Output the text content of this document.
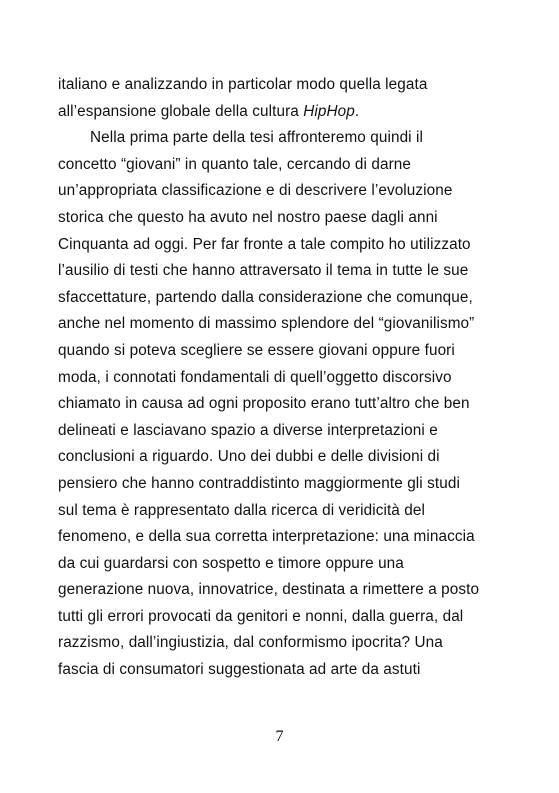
italiano e analizzando in particolar modo quella legata
all’espansione globale della cultura HipHop.
Nella prima parte della tesi affronteremo quindi il
concetto “giovani” in quanto tale, cercando di darne
un’appropriata classificazione e di descrivere l’evoluzione
storica che questo ha avuto nel nostro paese dagli anni
Cinquanta ad oggi. Per far fronte a tale compito ho utilizzato
l’ausilio di testi che hanno attraversato il tema in tutte le sue
sfaccettature, partendo dalla considerazione che comunque,
anche nel momento di massimo splendore del “giovanilismo”
quando si poteva scegliere se essere giovani oppure fuori
moda, i connotati fondamentali di quell’oggetto discorsivo
chiamato in causa ad ogni proposito erano tutt’altro che ben
delineati e lasciavano spazio a diverse interpretazioni e
conclusioni a riguardo. Uno dei dubbi e delle divisioni di
pensiero che hanno contraddistinto maggiormente gli studi
sul tema è rappresentato dalla ricerca di veridicità del
fenomeno, e della sua corretta interpretazione: una minaccia
da cui guardarsi con sospetto e timore oppure una
generazione nuova, innovatrice, destinata a rimettere a posto
tutti gli errori provocati da genitori e nonni, dalla guerra, dal
razzismo, dall’ingiustizia, dal conformismo ipocrita? Una
fascia di consumatori suggestionata ad arte da astuti
7
